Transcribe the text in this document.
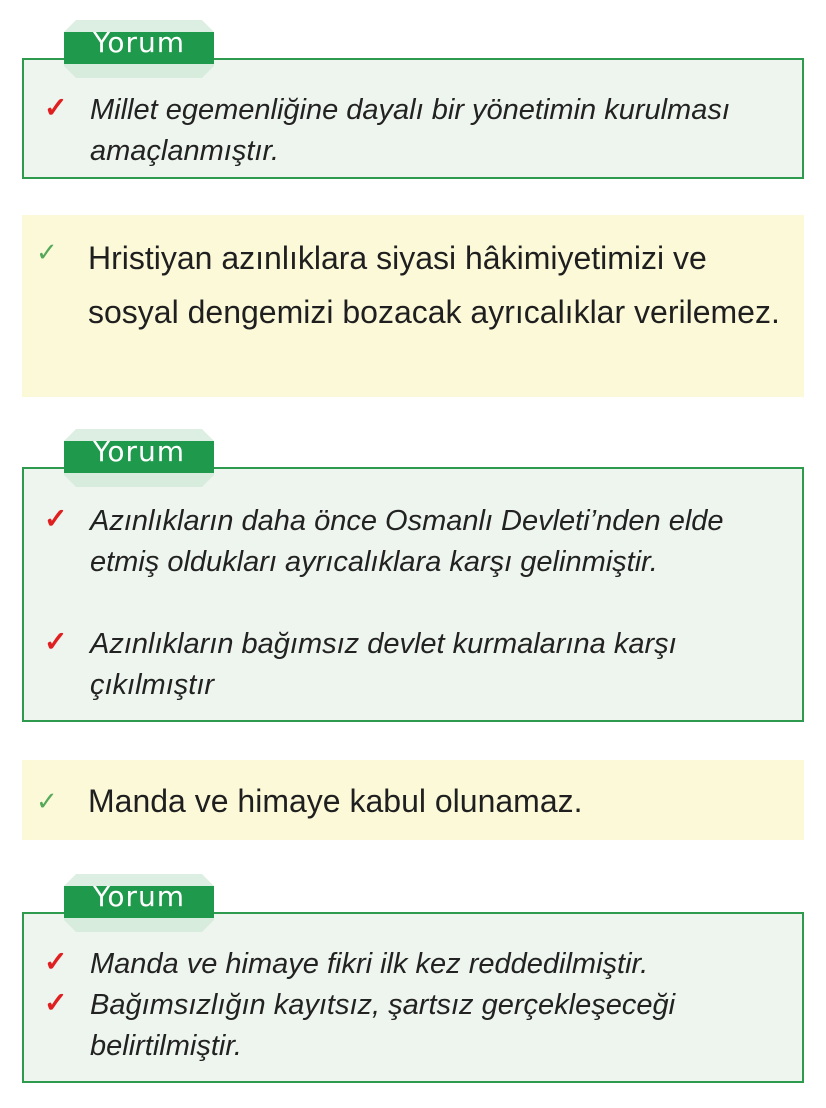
Yorum
✓ Millet egemenliğine dayalı bir yönetimin kurulması amaçlanmıştır.
✓ Hristiyan azınlıklara siyasi hâkimiyetimizi ve sosyal dengemizi bozacak ayrıcalıklar verilemez.
Yorum
✓ Azınlıkların daha önce Osmanlı Devleti’nden elde etmiş oldukları ayrıcalıklara karşı gelinmiştir.
✓ Azınlıkların bağımsız devlet kurmalarına karşı çıkılmıştır
✓ Manda ve himaye kabul olunamaz.
Yorum
✓ Manda ve himaye fikri ilk kez reddedilmiştir.
✓ Bağımsızlığın kayıtsız, şartsız gerçekleşeceği belirtilmiştir.
